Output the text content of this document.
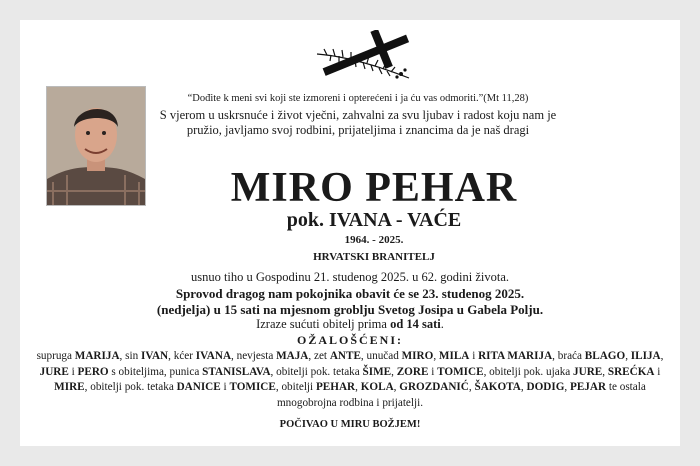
“Dođite k meni svi koji ste izmoreni i opterećeni i ja ću vas odmoriti.”(Mt 11,28)
S vjerom u uskrsnuće i život vječni, zahvalni za svu ljubav i radost koju nam je pružio, javljamo svoj rodbini, prijateljima i znancima da je naš dragi
MIRO PEHAR
pok. IVANA - VAĆE
1964. - 2025.
HRVATSKI BRANITELJ
usnuo tiho u Gospodinu 21. studenog 2025. u 62. godini života.
Sprovod dragog nam pokojnika obavit će se 23. studenog 2025.
(nedjelja) u 15 sati na mjesnom groblju Svetog Josipa u Gabela Polju.
Izraze sućuti obitelj prima od 14 sati.
OŽALOŠĆENI:
supruga MARIJA, sin IVAN, kćer IVANA, nevjesta MAJA, zet ANTE, unučad MIRO, MILA i RITA MARIJA, braća BLAGO, ILIJA, JURE i PERO s obiteljima, punica STANISLAVA, obitelji pok. tetaka ŠIME, ZORE i TOMICE, obitelji pok. ujaka JURE, SREĆKA i MIRE, obitelji pok. tetaka DANICE i TOMICE, obitelji PEHAR, KOLA, GROZDANIĆ, ŠAKOTA, DODIG, PEJAR te ostala mnogobrojna rodbina i prijatelji.
POČIVAO U MIRU BOŽJEM!
